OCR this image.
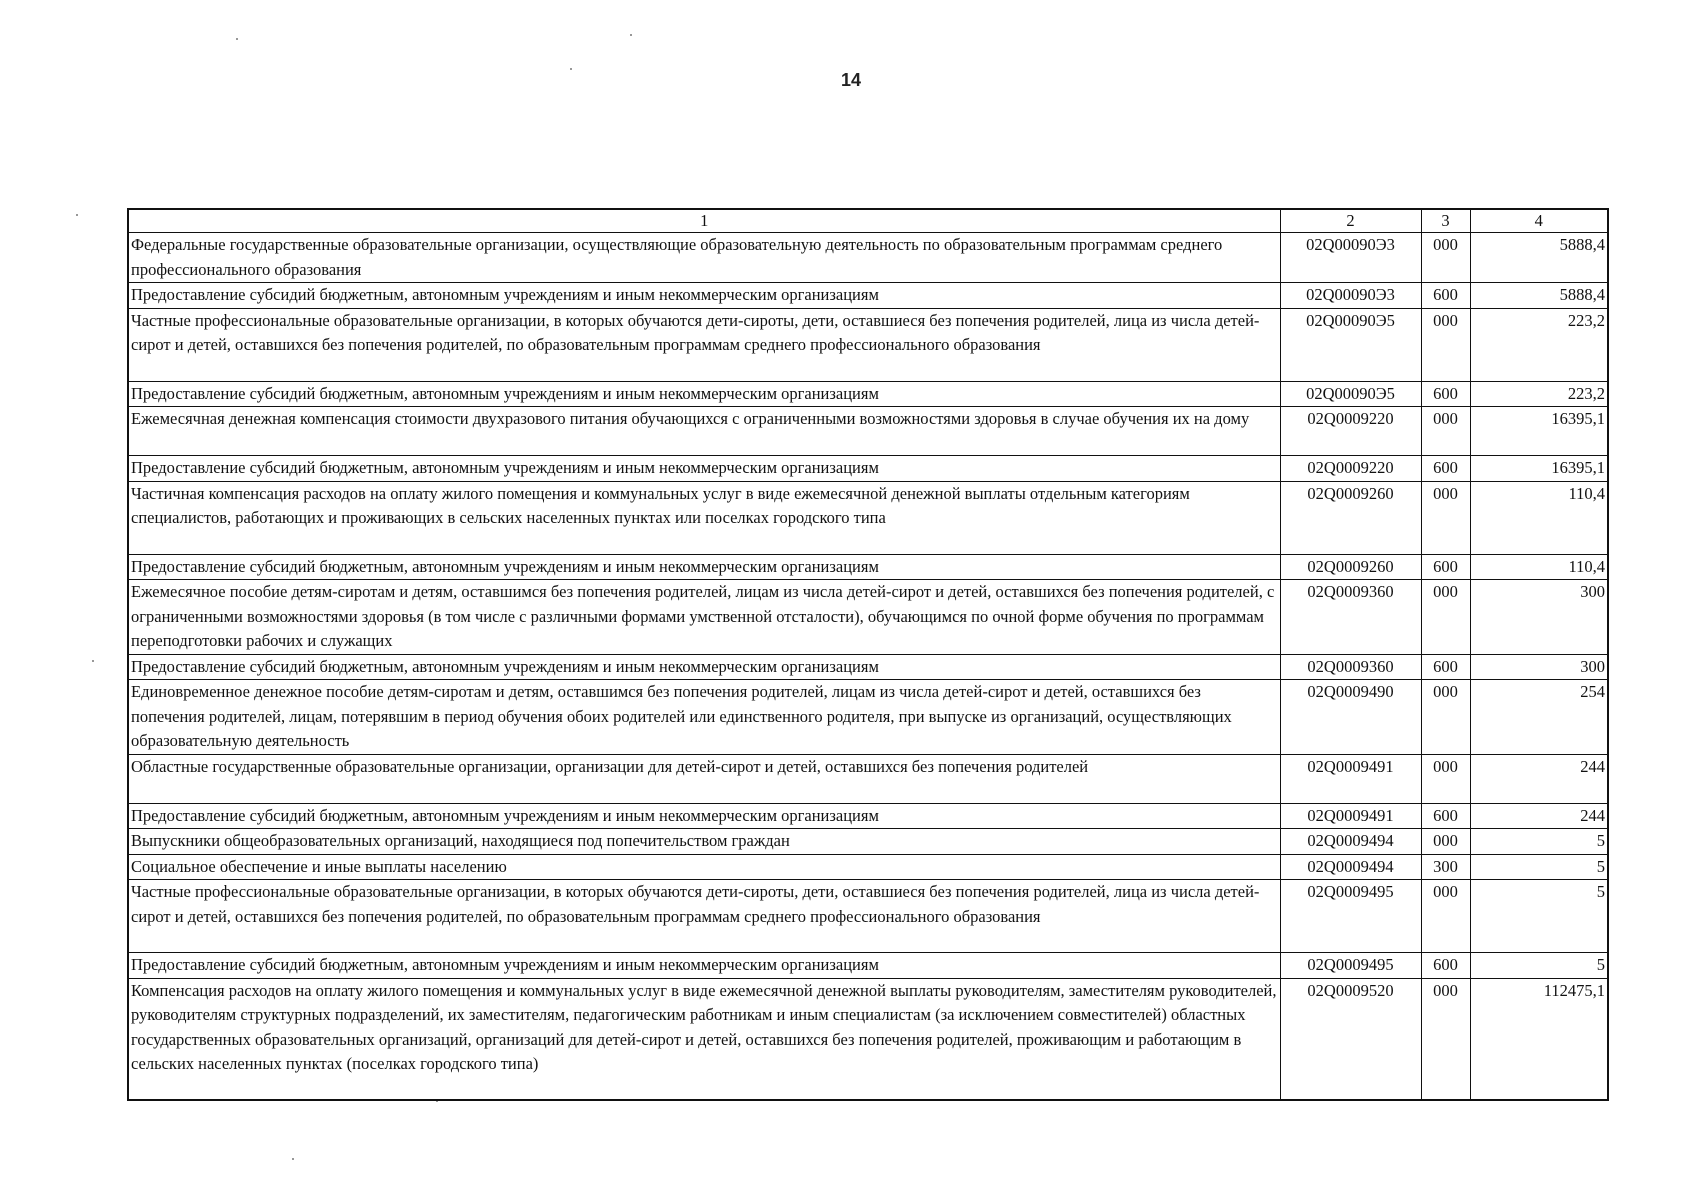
14
1	2	3	4
Федеральные государственные образовательные организации, осуществляющие образовательную деятельность по образовательным программам среднего профессионального образования	02Q00090Э3	000	5888,4
Предоставление субсидий бюджетным, автономным учреждениям и иным некоммерческим организациям	02Q00090Э3	600	5888,4
Частные профессиональные образовательные организации, в которых обучаются дети-сироты, дети, оставшиеся без попечения родителей, лица из числа детей-сирот и детей, оставшихся без попечения родителей, по образовательным программам среднего профессионального образования	02Q00090Э5	000	223,2
Предоставление субсидий бюджетным, автономным учреждениям и иным некоммерческим организациям	02Q00090Э5	600	223,2
Ежемесячная денежная компенсация стоимости двухразового питания обучающихся с ограниченными возможностями здоровья в случае обучения их на дому	02Q0009220	000	16395,1
Предоставление субсидий бюджетным, автономным учреждениям и иным некоммерческим организациям	02Q0009220	600	16395,1
Частичная компенсация расходов на оплату жилого помещения и коммунальных услуг в виде ежемесячной денежной выплаты отдельным категориям специалистов, работающих и проживающих в сельских населенных пунктах или поселках городского типа	02Q0009260	000	110,4
Предоставление субсидий бюджетным, автономным учреждениям и иным некоммерческим организациям	02Q0009260	600	110,4
Ежемесячное пособие детям-сиротам и детям, оставшимся без попечения родителей, лицам из числа детей-сирот и детей, оставшихся без попечения родителей, с ограниченными возможностями здоровья (в том числе с различными формами умственной отсталости), обучающимся по очной форме обучения по программам переподготовки рабочих и служащих	02Q0009360	000	300
Предоставление субсидий бюджетным, автономным учреждениям и иным некоммерческим организациям	02Q0009360	600	300
Единовременное денежное пособие детям-сиротам и детям, оставшимся без попечения родителей, лицам из числа детей-сирот и детей, оставшихся без попечения родителей, лицам, потерявшим в период обучения обоих родителей или единственного родителя, при выпуске из организаций, осуществляющих образовательную деятельность	02Q0009490	000	254
Областные государственные образовательные организации, организации для детей-сирот и детей, оставшихся без попечения родителей	02Q0009491	000	244
Предоставление субсидий бюджетным, автономным учреждениям и иным некоммерческим организациям	02Q0009491	600	244
Выпускники общеобразовательных организаций, находящиеся под попечительством граждан	02Q0009494	000	5
Социальное обеспечение и иные выплаты населению	02Q0009494	300	5
Частные профессиональные образовательные организации, в которых обучаются дети-сироты, дети, оставшиеся без попечения родителей, лица из числа детей-сирот и детей, оставшихся без попечения родителей, по образовательным программам среднего профессионального образования	02Q0009495	000	5
Предоставление субсидий бюджетным, автономным учреждениям и иным некоммерческим организациям	02Q0009495	600	5
Компенсация расходов на оплату жилого помещения и коммунальных услуг в виде ежемесячной денежной выплаты руководителям, заместителям руководителей, руководителям структурных подразделений, их заместителям, педагогическим работникам и иным специалистам (за исключением совместителей) областных государственных образовательных организаций, организаций для детей-сирот и детей, оставшихся без попечения родителей, проживающим и работающим в сельских населенных пунктах (поселках городского типа)	02Q0009520	000	112475,1
